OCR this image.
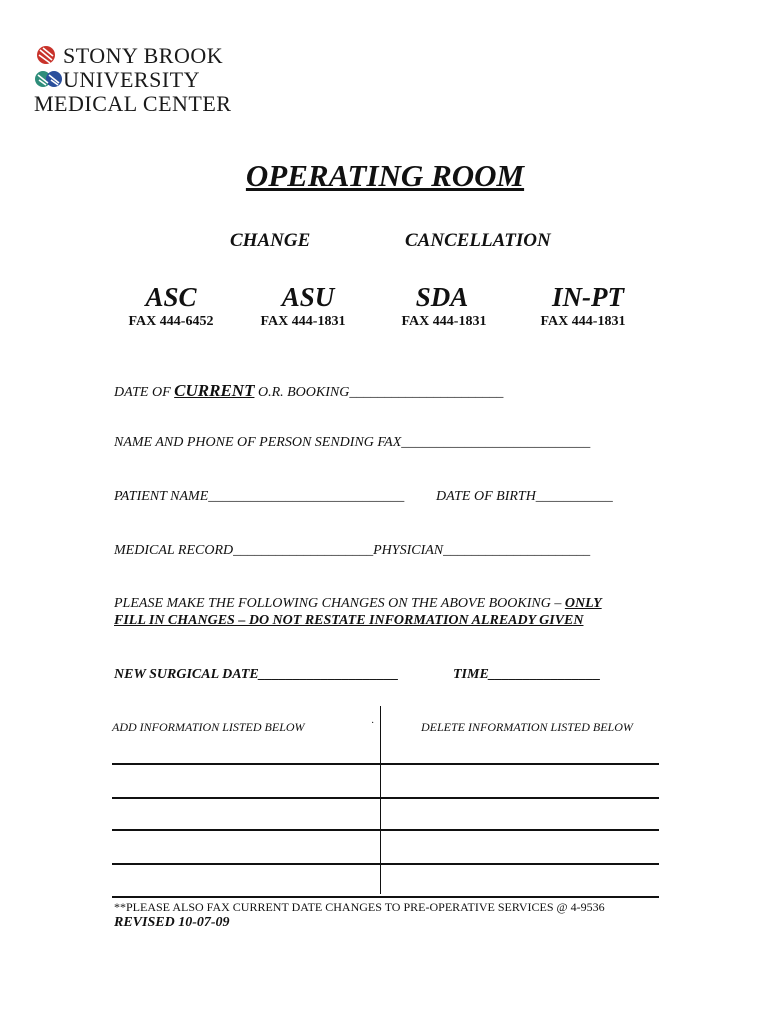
STONY BROOK
UNIVERSITY
MEDICAL CENTER
OPERATING ROOM
CHANGE	CANCELLATION
ASC
FAX 444-6452
ASU
FAX 444-1831
SDA
FAX 444-1831
IN-PT
FAX 444-1831
DATE OF CURRENT O.R. BOOKING______________________
NAME AND PHONE OF PERSON SENDING FAX___________________________
PATIENT NAME____________________________ DATE OF BIRTH___________
MEDICAL RECORD____________________PHYSICIAN_____________________
PLEASE MAKE THE FOLLOWING CHANGES ON THE ABOVE BOOKING – ONLY
FILL IN CHANGES – DO NOT RESTATE INFORMATION ALREADY GIVEN
NEW SURGICAL DATE____________________	TIME________________
ADD INFORMATION LISTED BELOW	·	DELETE INFORMATION LISTED BELOW
**PLEASE ALSO FAX CURRENT DATE CHANGES TO PRE-OPERATIVE SERVICES @ 4-9536
REVISED 10-07-09
